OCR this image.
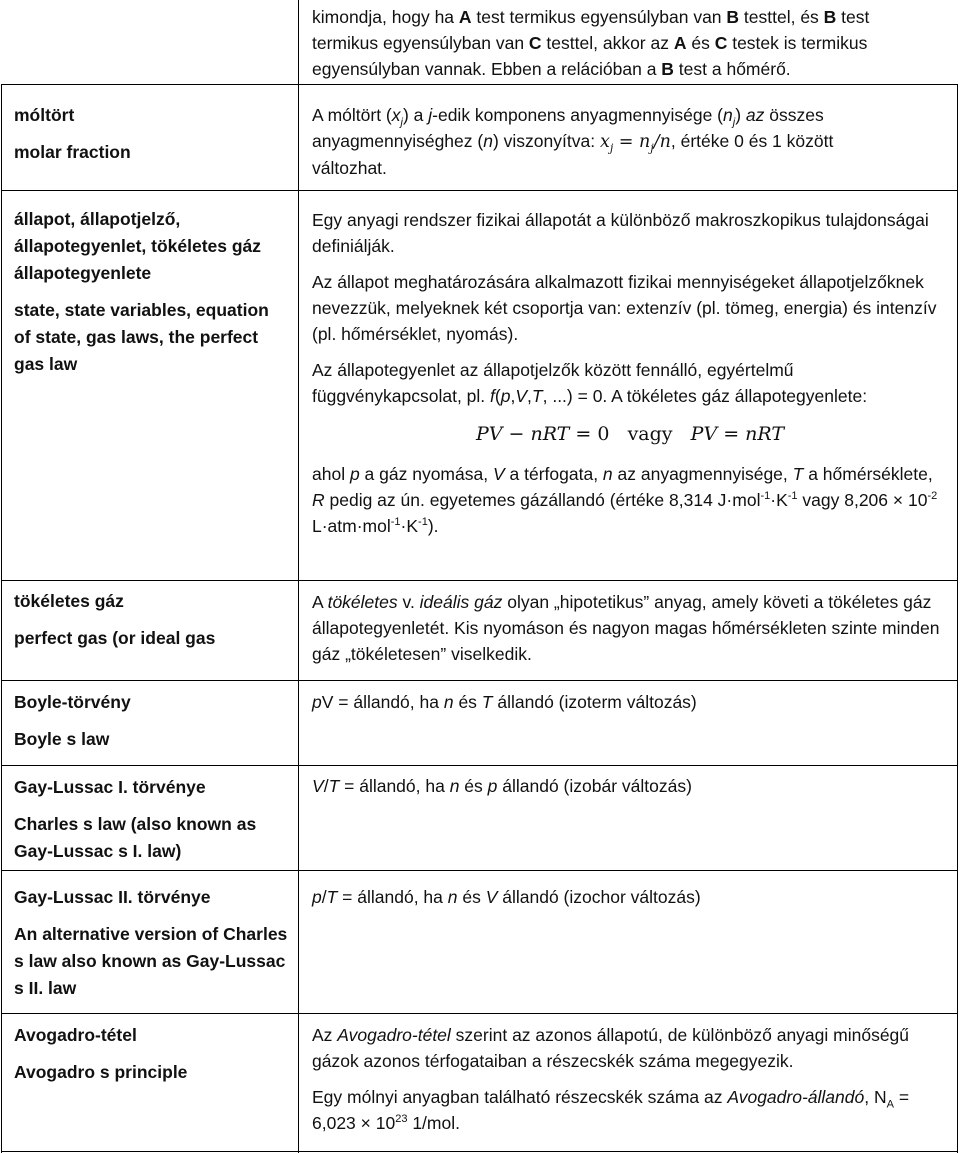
kimondja, hogy ha A test termikus egyensúlyban van B testtel, és B test
termikus egyensúlyban van C testtel, akkor az A és C testek is termikus
egyensúlyban vannak. Ebben a relációban a B test a hőmérő.

móltört

molar fraction

A móltört $(x_j)$ a j-edik komponens anyagmennyisége $(n_j)$ az összes
anyagmennyiséghez (n) viszonyítva: $x_j = n_j/n$, értéke 0 és 1 között
változhat.

állapot, állapotjelző, állapotegyenlet, tökéletes gáz állapotegyenlete

state, state variables, equation of state, gas laws, the perfect gas law

Egy anyagi rendszer fizikai állapotát a különböző makroszkopikus tulajdonságai definiálják.

Az állapot meghatározására alkalmazott fizikai mennyiségeket állapotjelzőknek nevezzük, melyeknek két csoportja van: extenzív (pl. tömeg, energia) és intenzív (pl. hőmérséklet, nyomás).

Az állapotegyenlet az állapotjelzők között fennálló, egyértelmű függvénykapcsolat, pl. f(p,V,T, ...) = 0. A tökéletes gáz állapotegyenlete:

PV − nRT = 0   vagy PV = nRT

ahol p a gáz nyomása, V a térfogata, n az anyagmennyisége, T a hőmérséklete, R pedig az ún. egyetemes gázállandó (értéke 8,314 $J\cdot mol^{-1}\cdot K^{-1}$ vagy $8,206 \times 10^{-2}$ $L\cdot atm\cdot mol^{-1}\cdot K^{-1}$).

tökéletes gáz

perfect gas (or ideal gas

A tökéletes v. ideális gáz olyan „hipotetikus” anyag, amely követi a tökéletes gáz állapotegyenletét. Kis nyomáson és nagyon magas hőmérsékleten szinte minden gáz „tökéletesen” viselkedik.

Boyle-törvény

Boyle s law

pV = állandó, ha n és T állandó (izoterm változás)

Gay-Lussac I. törvénye

Charles s law (also known as Gay-Lussac s I. law)

V/T = állandó, ha n és p állandó (izobár változás)

Gay-Lussac II. törvénye

An alternative version of Charles s law also known as Gay-Lussac s II. law

p/T = állandó, ha n és V állandó (izochor változás)

Avogadro-tétel

Avogadro s principle

Az Avogadro-tétel szerint az azonos állapotú, de különböző anyagi minőségű gázok azonos térfogataiban a részecskék száma megegyezik.

Egy mólnyi anyagban található részecskék száma az Avogadro-állandó, $N_A = 6,023 \times 10^{23}$ 1/mol.
